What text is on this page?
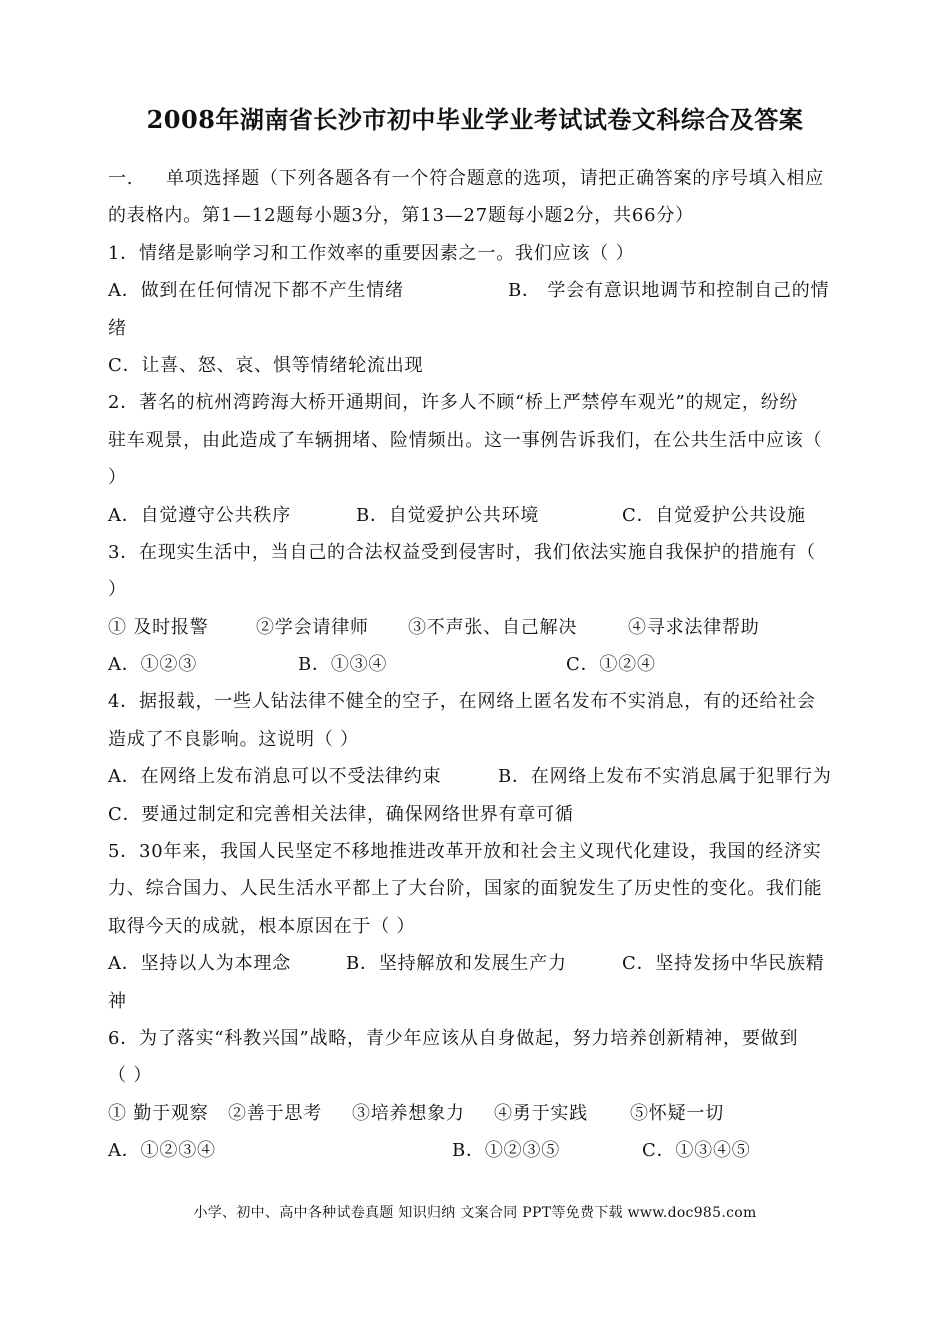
2008年湖南省长沙市初中毕业学业考试试卷文科综合及答案
一. 单项选择题（下列各题各有一个符合题意的选项，请把正确答案的序号填入相应
的表格内。第1—12题每小题3分，第13—27题每小题2分，共66分）
1．情绪是影响学习和工作效率的重要因素之一。我们应该（ ）
A．做到在任何情况下都不产生情绪	B． 学会有意识地调节和控制自己的情
绪
C．让喜、怒、哀、惧等情绪轮流出现
2．著名的杭州湾跨海大桥开通期间，许多人不顾“桥上严禁停车观光”的规定，纷纷
驻车观景，由此造成了车辆拥堵、险情频出。这一事例告诉我们，在公共生活中应该（
）
A．自觉遵守公共秩序	B．自觉爱护公共环境	C．自觉爱护公共设施
3．在现实生活中，当自己的合法权益受到侵害时，我们依法实施自我保护的措施有（
）
① 及时报警	②学会请律师 ③不声张、自己解决	④寻求法律帮助
A．①②③	B．①③④	C．①②④
4．据报载，一些人钻法律不健全的空子，在网络上匿名发布不实消息，有的还给社会
造成了不良影响。这说明（ ）
A．在网络上发布消息可以不受法律约束	B．在网络上发布不实消息属于犯罪行为
C．要通过制定和完善相关法律，确保网络世界有章可循
5．30年来，我国人民坚定不移地推进改革开放和社会主义现代化建设，我国的经济实
力、综合国力、人民生活水平都上了大台阶，国家的面貌发生了历史性的变化。我们能
取得今天的成就，根本原因在于（ ）
A．坚持以人为本理念	B．坚持解放和发展生产力	C．坚持发扬中华民族精
神
6．为了落实“科教兴国”战略，青少年应该从自身做起，努力培养创新精神，要做到
（ ）
① 勤于观察 ②善于思考 ③培养想象力 ④勇于实践 ⑤怀疑一切
A．①②③④	B．①②③⑤	C．①③④⑤
小学、初中、高中各种试卷真题 知识归纳 文案合同 PPT等免费下载 www.doc985.com
